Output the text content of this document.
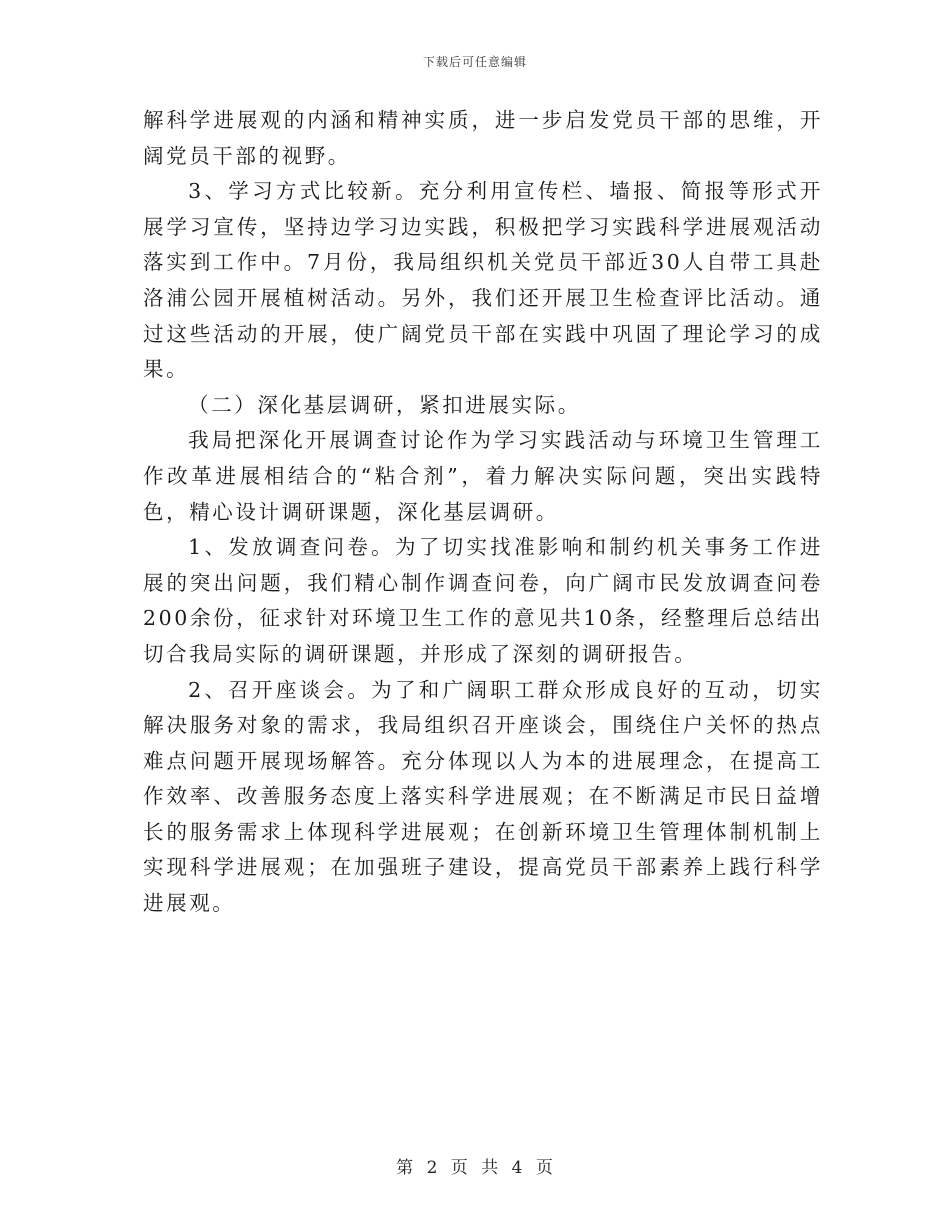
下载后可任意编辑

解科学进展观的内涵和精神实质，进一步启发党员干部的思维，开阔党员干部的视野。

3、学习方式比较新。充分利用宣传栏、墙报、简报等形式开展学习宣传，坚持边学习边实践，积极把学习实践科学进展观活动落实到工作中。7月份，我局组织机关党员干部近30人自带工具赴洛浦公园开展植树活动。另外，我们还开展卫生检查评比活动。通过这些活动的开展，使广阔党员干部在实践中巩固了理论学习的成果。

（二）深化基层调研，紧扣进展实际。

我局把深化开展调查讨论作为学习实践活动与环境卫生管理工作改革进展相结合的“粘合剂”，着力解决实际问题，突出实践特色，精心设计调研课题，深化基层调研。

1、发放调查问卷。为了切实找准影响和制约机关事务工作进展的突出问题，我们精心制作调查问卷，向广阔市民发放调查问卷200余份，征求针对环境卫生工作的意见共10条，经整理后总结出切合我局实际的调研课题，并形成了深刻的调研报告。

2、召开座谈会。为了和广阔职工群众形成良好的互动，切实解决服务对象的需求，我局组织召开座谈会，围绕住户关怀的热点难点问题开展现场解答。充分体现以人为本的进展理念，在提高工作效率、改善服务态度上落实科学进展观；在不断满足市民日益增长的服务需求上体现科学进展观；在创新环境卫生管理体制机制上实现科学进展观；在加强班子建设，提高党员干部素养上践行科学进展观。

第 2 页 共 4 页
